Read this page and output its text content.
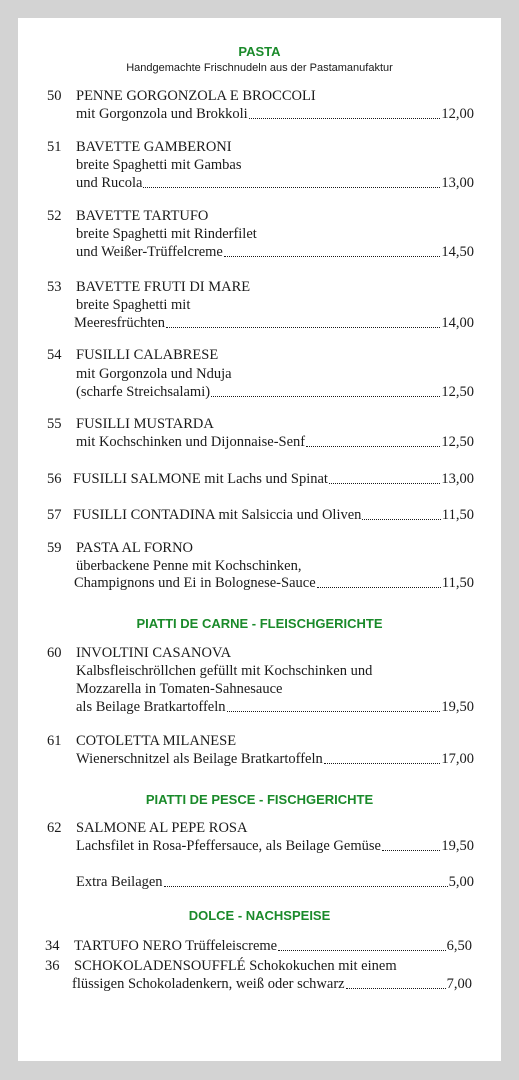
PASTA
Handgemachte Frischnudeln aus der Pastamanufaktur
50 PENNE GORGONZOLA E BROCCOLI
mit Gorgonzola und Brokkoli	12,00
51 BAVETTE GAMBERONI
breite Spaghetti mit Gambas
und Rucola	13,00
52 BAVETTE TARTUFO
breite Spaghetti mit Rinderfilet
und Weißer-Trüffelcreme	14,50
53 BAVETTE FRUTI DI MARE
breite Spaghetti mit
Meeresfrüchten	14,00
54 FUSILLI CALABRESE
mit Gorgonzola und Nduja
(scharfe Streichsalami)	12,50
55 FUSILLI MUSTARDA
mit Kochschinken und Dijonnaise-Senf	12,50
56 FUSILLI SALMONE mit Lachs und Spinat	13,00
57 FUSILLI CONTADINA mit Salsiccia und Oliven	11,50
59 PASTA AL FORNO
überbackene Penne mit Kochschinken,
Champignons und Ei in Bolognese-Sauce	11,50
PIATTI DE CARNE - FLEISCHGERICHTE
60 INVOLTINI CASANOVA
Kalbsfleischröllchen gefüllt mit Kochschinken und
Mozzarella in Tomaten-Sahnesauce
als Beilage Bratkartoffeln	19,50
61 COTOLETTA MILANESE
Wienerschnitzel als Beilage Bratkartoffeln	17,00
PIATTI DE PESCE - FISCHGERICHTE
62 SALMONE AL PEPE ROSA
Lachsfilet in Rosa-Pfeffersauce, als Beilage Gemüse	19,50
Extra Beilagen	5,00
DOLCE - NACHSPEISE
34 TARTUFO NERO Trüffeleiscreme	6,50
36 SCHOKOLADENSOUFFLÉ Schokokuchen mit einem
flüssigen Schokoladenkern, weiß oder schwarz	7,00
